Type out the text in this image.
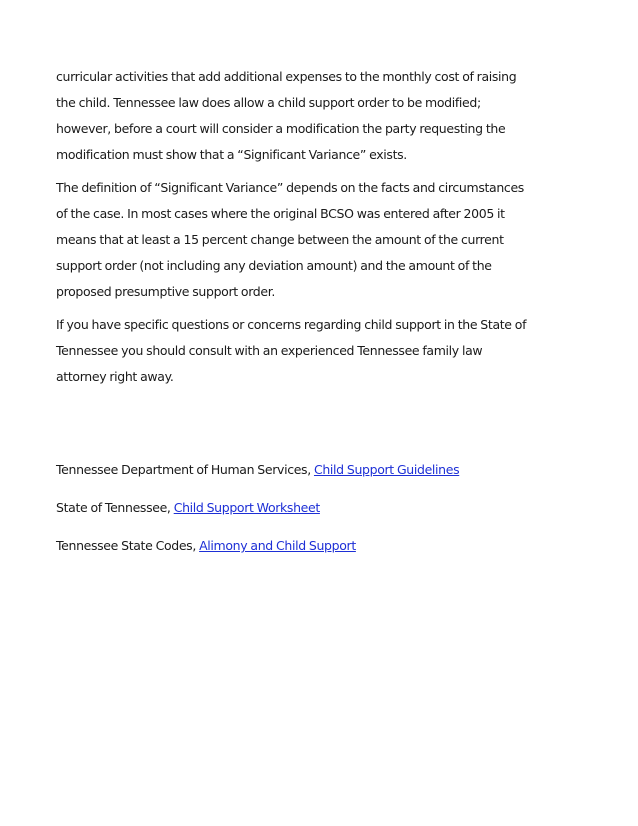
curricular activities that add additional expenses to the monthly cost of raising

the child. Tennessee law does allow a child support order to be modified;

however, before a court will consider a modification the party requesting the

modification must show that a “Significant Variance” exists.

The definition of “Significant Variance” depends on the facts and circumstances

of the case. In most cases where the original BCSO was entered after 2005 it

means that at least a 15 percent change between the amount of the current

support order (not including any deviation amount) and the amount of the

proposed presumptive support order.

If you have specific questions or concerns regarding child support in the State of

Tennessee you should consult with an experienced Tennessee family law

attorney right away.

Tennessee Department of Human Services, Child Support Guidelines
State of Tennessee, Child Support Worksheet
Tennessee State Codes, Alimony and Child Support
